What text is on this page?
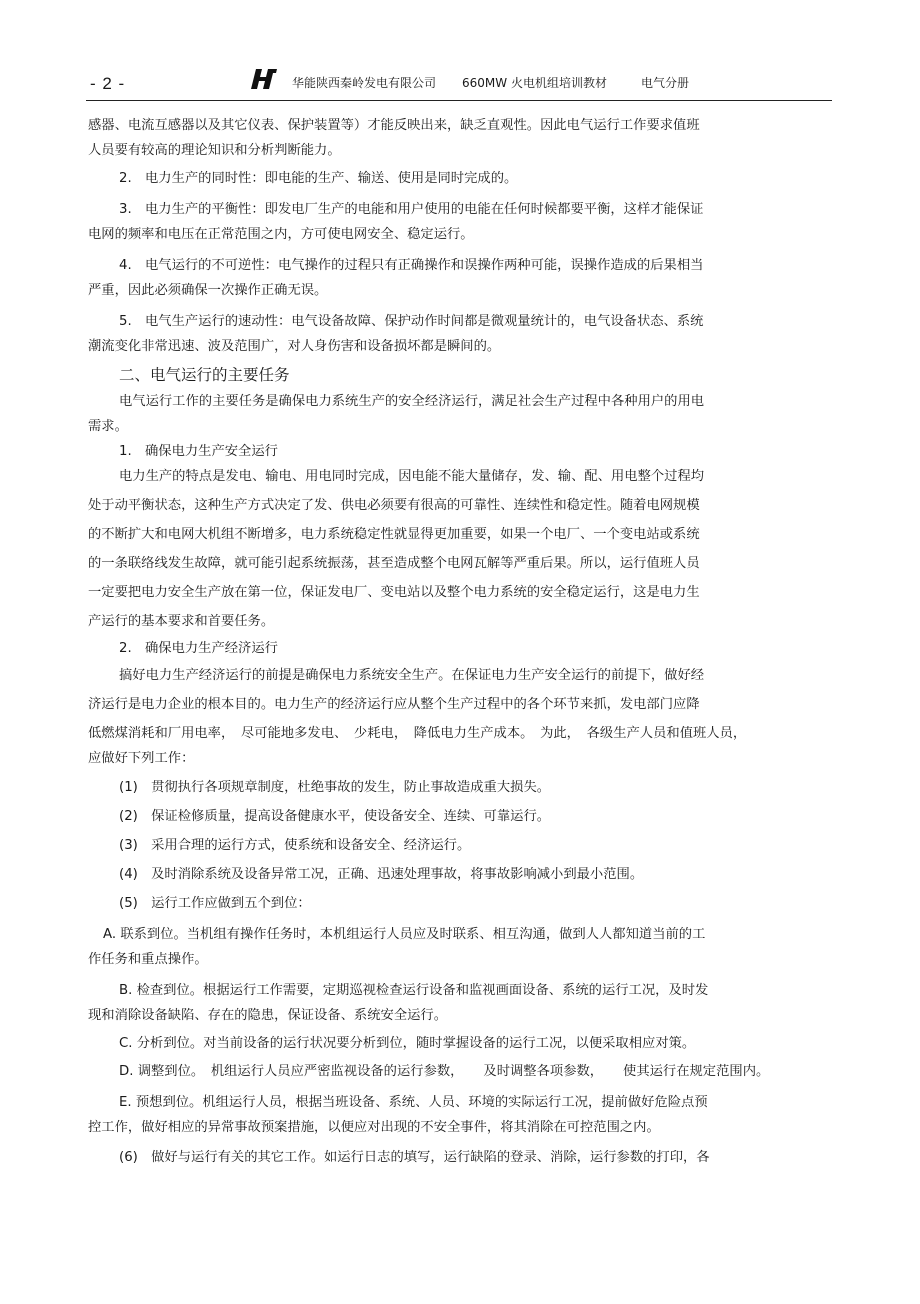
- 2 -	华能陕西秦岭发电有限公司 660MW 火电机组培训教材	电气分册

感器、电流互感器以及其它仪表、保护装置等）才能反映出来，缺乏直观性。因此电气运行工作要求值班

人员要有较高的理论知识和分析判断能力。

2.　电力生产的同时性：即电能的生产、输送、使用是同时完成的。

3.　电力生产的平衡性：即发电厂生产的电能和用户使用的电能在任何时候都要平衡，这样才能保证

电网的频率和电压在正常范围之内，方可使电网安全、稳定运行。

4.　电气运行的不可逆性：电气操作的过程只有正确操作和误操作两种可能，误操作造成的后果相当

严重，因此必须确保一次操作正确无误。

5.　电气生产运行的速动性：电气设备故障、保护动作时间都是微观量统计的，电气设备状态、系统

潮流变化非常迅速、波及范围广，对人身伤害和设备损坏都是瞬间的。

二、电气运行的主要任务

电气运行工作的主要任务是确保电力系统生产的安全经济运行，满足社会生产过程中各种用户的用电

需求。

1.　确保电力生产安全运行

电力生产的特点是发电、输电、用电同时完成，因电能不能大量储存，发、输、配、用电整个过程均

处于动平衡状态，这种生产方式决定了发、供电必须要有很高的可靠性、连续性和稳定性。随着电网规模

的不断扩大和电网大机组不断增多，电力系统稳定性就显得更加重要，如果一个电厂、一个变电站或系统

的一条联络线发生故障，就可能引起系统振荡，甚至造成整个电网瓦解等严重后果。所以，运行值班人员

一定要把电力安全生产放在第一位，保证发电厂、变电站以及整个电力系统的安全稳定运行，这是电力生

产运行的基本要求和首要任务。

2.　确保电力生产经济运行

搞好电力生产经济运行的前提是确保电力系统安全生产。在保证电力生产安全运行的前提下，做好经

济运行是电力企业的根本目的。电力生产的经济运行应从整个生产过程中的各个环节来抓，发电部门应降

低燃煤消耗和厂用电率，　尽可能地多发电、　少耗电，　降低电力生产成本。　为此，　各级生产人员和值班人员，

应做好下列工作：

(1)　贯彻执行各项规章制度，杜绝事故的发生，防止事故造成重大损失。

(2)　保证检修质量，提高设备健康水平，使设备安全、连续、可靠运行。

(3)　采用合理的运行方式，使系统和设备安全、经济运行。

(4)　及时消除系统及设备异常工况，正确、迅速处理事故，将事故影响减小到最小范围。

(5)　运行工作应做到五个到位：

A. 联系到位。当机组有操作任务时，本机组运行人员应及时联系、相互沟通，做到人人都知道当前的工

作任务和重点操作。

B. 检查到位。根据运行工作需要，定期巡视检查运行设备和监视画面设备、系统的运行工况，及时发

现和消除设备缺陷、存在的隐患，保证设备、系统安全运行。

C. 分析到位。对当前设备的运行状况要分析到位，随时掌握设备的运行工况，以便采取相应对策。

D. 调整到位。　机组运行人员应严密监视设备的运行参数，　　及时调整各项参数，　　使其运行在规定范围内。

E. 预想到位。机组运行人员，根据当班设备、系统、人员、环境的实际运行工况，提前做好危险点预

控工作，做好相应的异常事故预案措施，以便应对出现的不安全事件，将其消除在可控范围之内。

(6)　做好与运行有关的其它工作。如运行日志的填写，运行缺陷的登录、消除，运行参数的打印，各
